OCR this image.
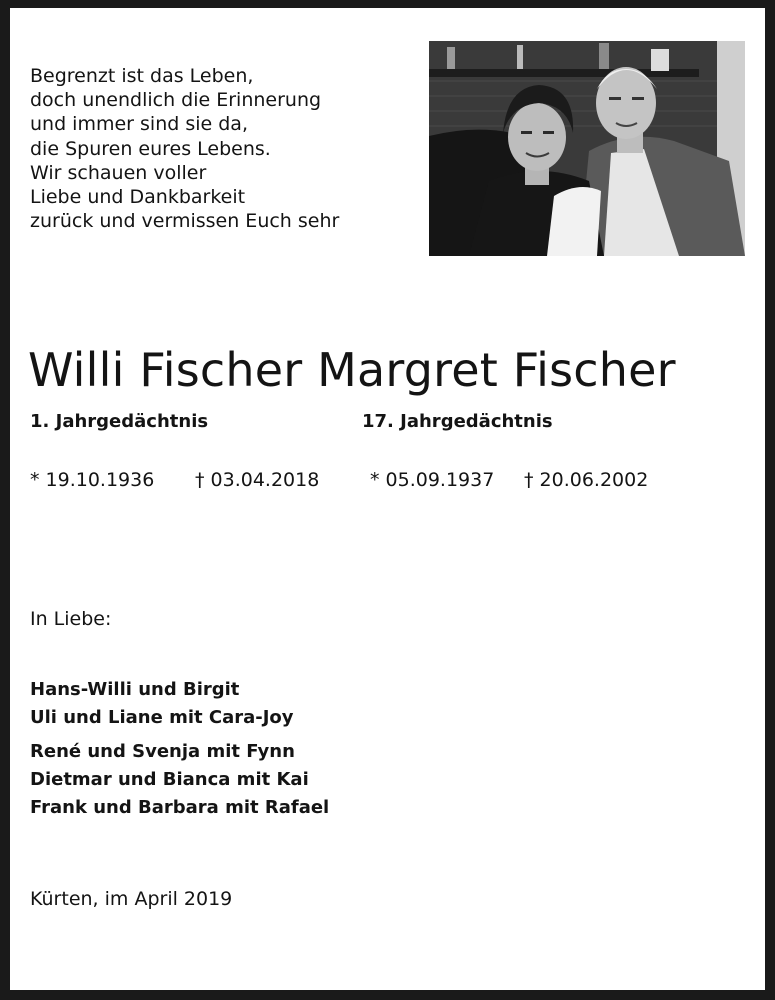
Begrenzt ist das Leben,
doch unendlich die Erinnerung
und immer sind sie da,
die Spuren eures Lebens.
Wir schauen voller
Liebe und Dankbarkeit
zurück und vermissen Euch sehr
Willi Fischer Margret Fischer
1. Jahrgedächtnis	17. Jahrgedächtnis
* 19.10.1936 † 03.04.2018	* 05.09.1937 † 20.06.2002
In Liebe:
Hans-Willi und Birgit
Uli und Liane mit Cara-Joy
René und Svenja mit Fynn
Dietmar und Bianca mit Kai
Frank und Barbara mit Rafael
Kürten, im April 2019
